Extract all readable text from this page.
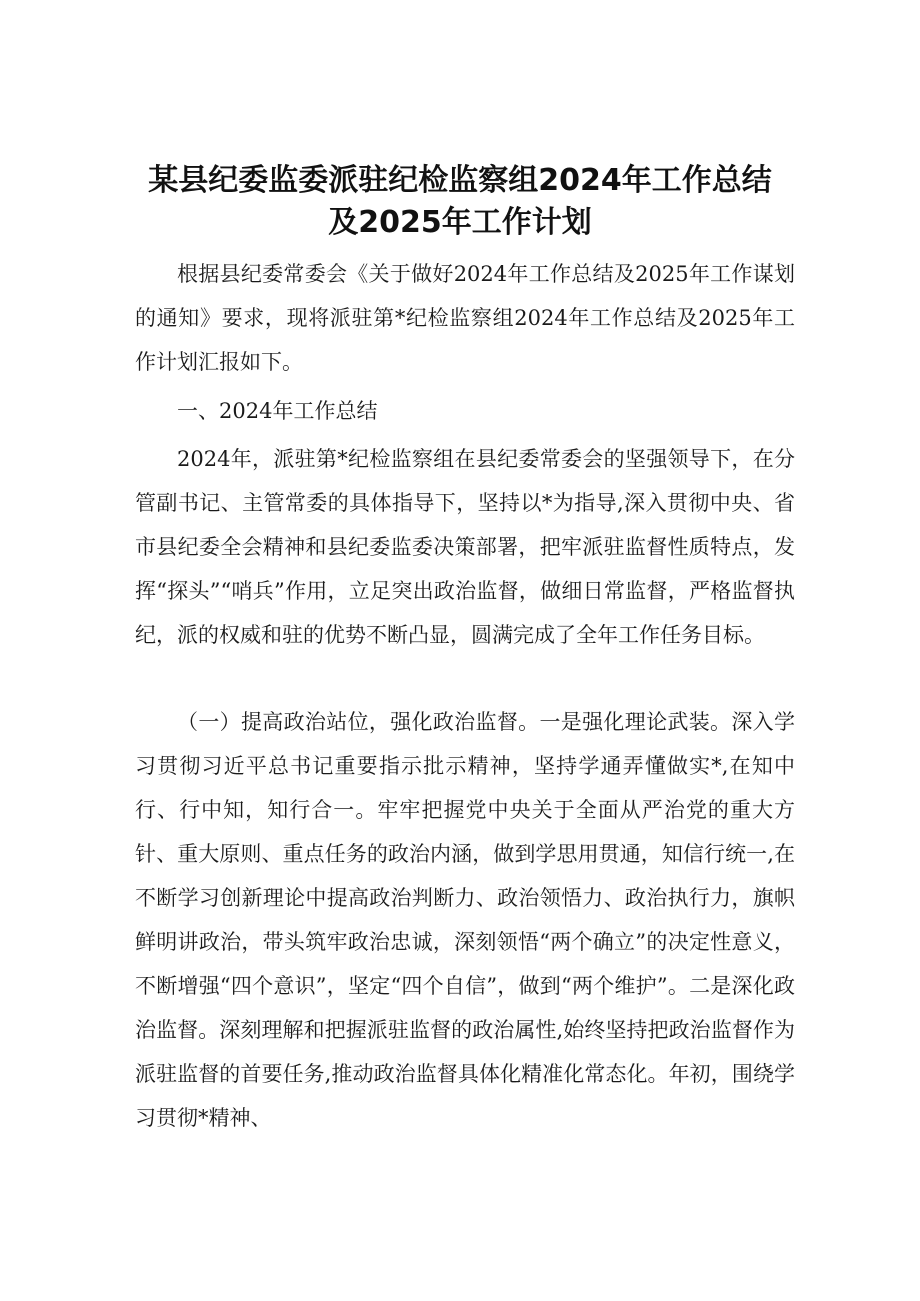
某县纪委监委派驻纪检监察组2024年工作总结
及2025年工作计划

根据县纪委常委会《关于做好2024年工作总结及2025年工作谋划的通知》要求，现将派驻第*纪检监察组2024年工作总结及2025年工作计划汇报如下。

一、2024年工作总结

2024年，派驻第*纪检监察组在县纪委常委会的坚强领导下，在分管副书记、主管常委的具体指导下，坚持以*为指导,深入贯彻中央、省市县纪委全会精神和县纪委监委决策部署，把牢派驻监督性质特点，发挥“探头”“哨兵”作用，立足突出政治监督，做细日常监督，严格监督执纪，派的权威和驻的优势不断凸显，圆满完成了全年工作任务目标。

（一）提高政治站位，强化政治监督。一是强化理论武装。深入学习贯彻习近平总书记重要指示批示精神，坚持学通弄懂做实*,在知中行、行中知，知行合一。牢牢把握党中央关于全面从严治党的重大方针、重大原则、重点任务的政治内涵，做到学思用贯通，知信行统一,在不断学习创新理论中提高政治判断力、政治领悟力、政治执行力，旗帜鲜明讲政治，带头筑牢政治忠诚，深刻领悟“两个确立”的决定性意义，不断增强“四个意识”，坚定“四个自信”，做到“两个维护”。二是深化政治监督。深刻理解和把握派驻监督的政治属性,始终坚持把政治监督作为派驻监督的首要任务,推动政治监督具体化精准化常态化。年初，围绕学习贯彻*精神、
